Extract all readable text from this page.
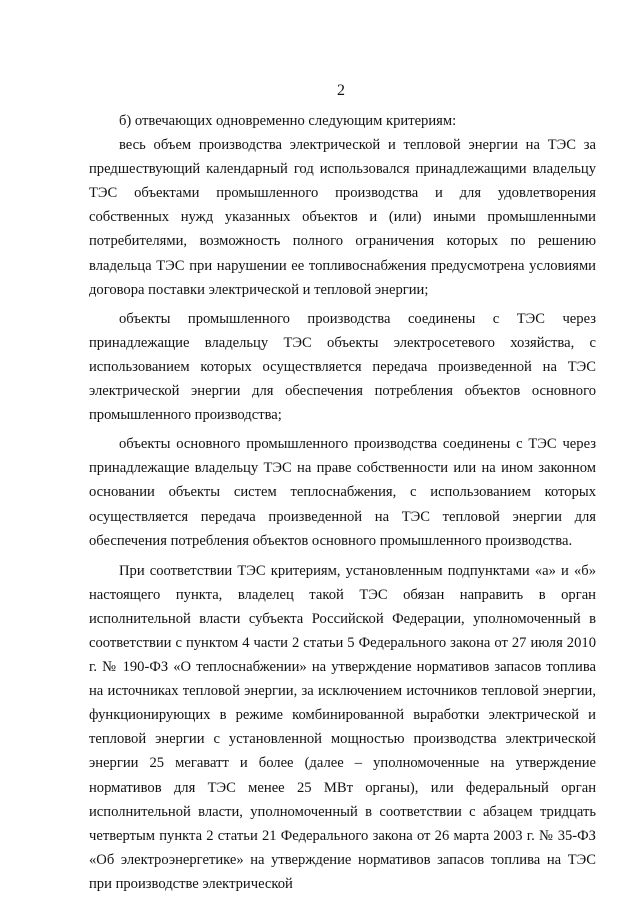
2

б) отвечающих одновременно следующим критериям:

весь объем производства электрической и тепловой энергии на ТЭС за предшествующий календарный год использовался принадлежащими владельцу ТЭС объектами промышленного производства и для удовлетворения собственных нужд указанных объектов и (или) иными промышленными потребителями, возможность полного ограничения которых по решению владельца ТЭС при нарушении ее топливоснабжения предусмотрена условиями договора поставки электрической и тепловой энергии;

объекты промышленного производства соединены с ТЭС через принадлежащие владельцу ТЭС объекты электросетевого хозяйства, с использованием которых осуществляется передача произведенной на ТЭС электрической энергии для обеспечения потребления объектов основного промышленного производства;

объекты основного промышленного производства соединены с ТЭС через принадлежащие владельцу ТЭС на праве собственности или на ином законном основании объекты систем теплоснабжения, с использованием которых осуществляется передача произведенной на ТЭС тепловой энергии для обеспечения потребления объектов основного промышленного производства.

При соответствии ТЭС критериям, установленным подпунктами «а» и «б» настоящего пункта, владелец такой ТЭС обязан направить в орган исполнительной власти субъекта Российской Федерации, уполномоченный в соответствии с пунктом 4 части 2 статьи 5 Федерального закона от 27 июля 2010 г. № 190-ФЗ «О теплоснабжении» на утверждение нормативов запасов топлива на источниках тепловой энергии, за исключением источников тепловой энергии, функционирующих в режиме комбинированной выработки электрической и тепловой энергии с установленной мощностью производства электрической энергии 25 мегаватт и более (далее – уполномоченные на утверждение нормативов для ТЭС менее 25 МВт органы), или федеральный орган исполнительной власти, уполномоченный в соответствии с абзацем тридцать четвертым пункта 2 статьи 21 Федерального закона от 26 марта 2003 г. № 35-ФЗ «Об электроэнергетике» на утверждение нормативов запасов топлива на ТЭС при производстве электрической
